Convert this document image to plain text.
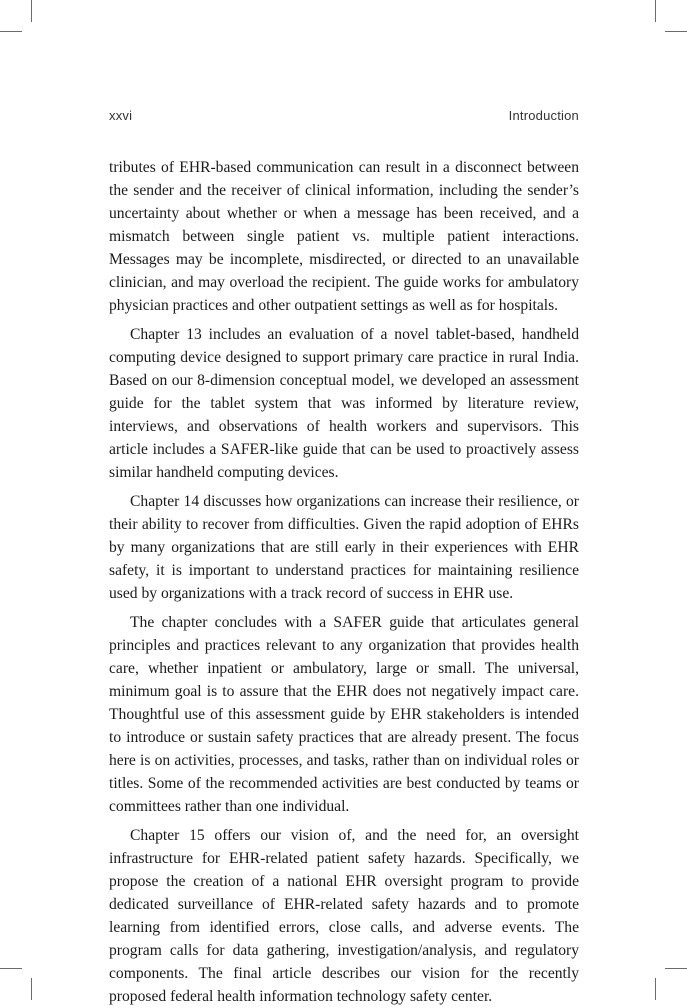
xxvi	Introduction

tributes of EHR-based communication can result in a disconnect between the sender and the receiver of clinical information, including the sender’s uncertainty about whether or when a message has been received, and a mismatch between single patient vs. multiple patient interactions. Messages may be incomplete, misdirected, or directed to an unavailable clinician, and may overload the recipient. The guide works for ambulatory physician practices and other outpatient settings as well as for hospitals.

Chapter 13 includes an evaluation of a novel tablet-based, handheld computing device designed to support primary care practice in rural India. Based on our 8-dimension conceptual model, we developed an assessment guide for the tablet system that was informed by literature review, interviews, and observations of health workers and supervisors. This article includes a SAFER-like guide that can be used to proactively assess similar handheld computing devices.

Chapter 14 discusses how organizations can increase their resilience, or their ability to recover from difficulties. Given the rapid adoption of EHRs by many organizations that are still early in their experiences with EHR safety, it is important to understand practices for maintaining resilience used by organizations with a track record of success in EHR use.

The chapter concludes with a SAFER guide that articulates general principles and practices relevant to any organization that provides health care, whether inpatient or ambulatory, large or small. The universal, minimum goal is to assure that the EHR does not negatively impact care. Thoughtful use of this assessment guide by EHR stakeholders is intended to introduce or sustain safety practices that are already present. The focus here is on activities, processes, and tasks, rather than on individual roles or titles. Some of the recommended activities are best conducted by teams or committees rather than one individual.

Chapter 15 offers our vision of, and the need for, an oversight infrastructure for EHR-related patient safety hazards. Specifically, we propose the creation of a national EHR oversight program to provide dedicated surveillance of EHR-related safety hazards and to promote learning from identified errors, close calls, and adverse events. The program calls for data gathering, investigation/analysis, and regulatory components. The final article describes our vision for the recently proposed federal health information technology safety center.
